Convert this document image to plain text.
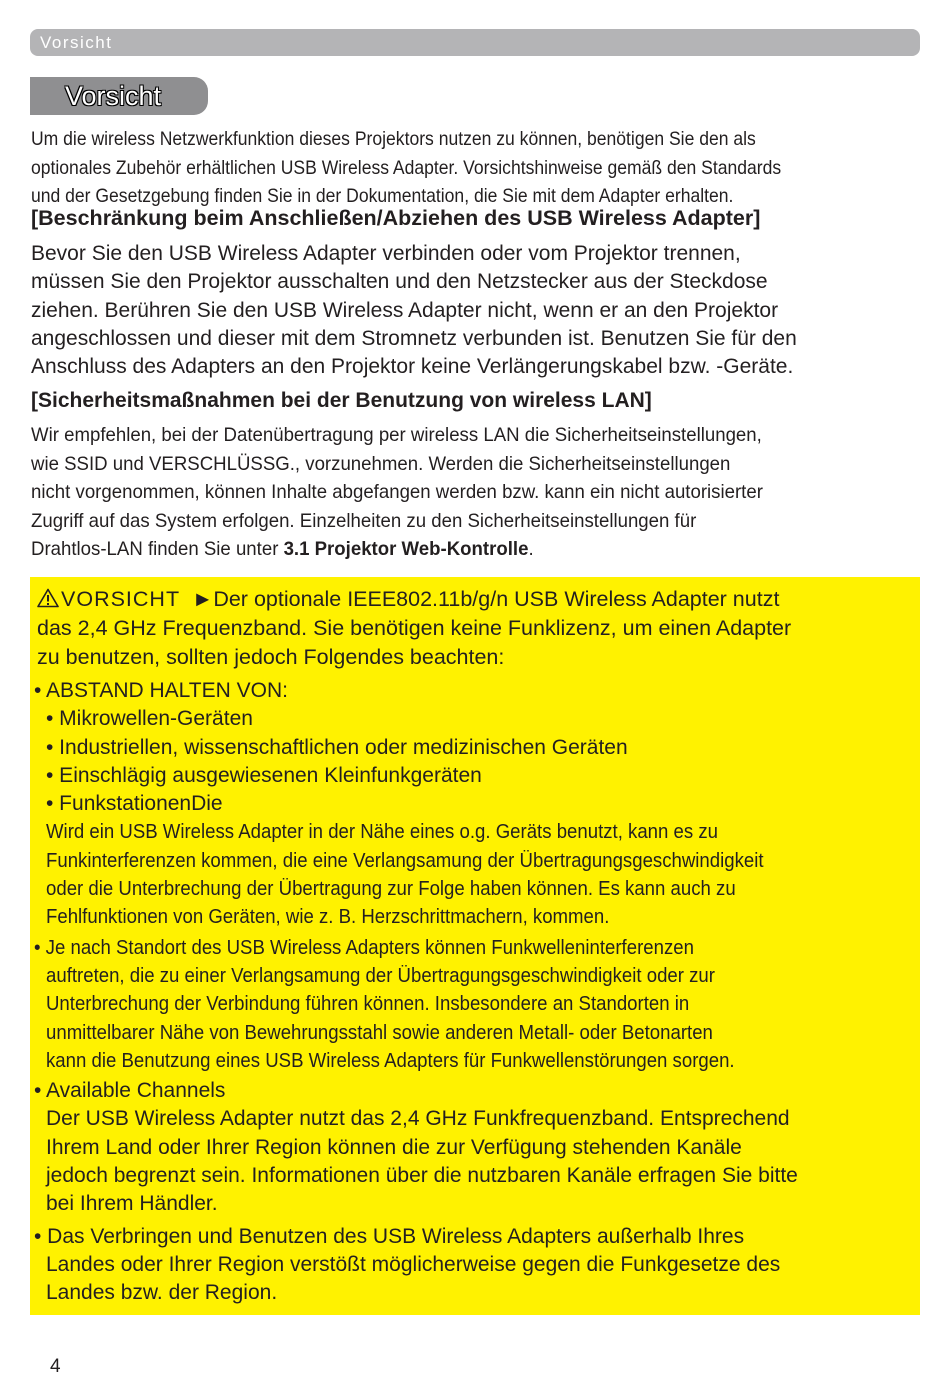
Vorsicht
Vorsicht

Um die wireless Netzwerkfunktion dieses Projektors nutzen zu können, benötigen Sie den als
optionales Zubehör erhältlichen USB Wireless Adapter. Vorsichtshinweise gemäß den Standards
und der Gesetzgebung finden Sie in der Dokumentation, die Sie mit dem Adapter erhalten.

[Beschränkung beim Anschließen/Abziehen des USB Wireless Adapter]

Bevor Sie den USB Wireless Adapter verbinden oder vom Projektor trennen,
müssen Sie den Projektor ausschalten und den Netzstecker aus der Steckdose
ziehen. Berühren Sie den USB Wireless Adapter nicht, wenn er an den Projektor
angeschlossen und dieser mit dem Stromnetz verbunden ist. Benutzen Sie für den
Anschluss des Adapters an den Projektor keine Verlängerungskabel bzw. -Geräte.

[Sicherheitsmaßnahmen bei der Benutzung von wireless LAN]

Wir empfehlen, bei der Datenübertragung per wireless LAN die Sicherheitseinstellungen,
wie SSID und VERSCHLÜSSG., vorzunehmen. Werden die Sicherheitseinstellungen
nicht vorgenommen, können Inhalte abgefangen werden bzw. kann ein nicht autorisierter
Zugriff auf das System erfolgen. Einzelheiten zu den Sicherheitseinstellungen für
Drahtlos-LAN finden Sie unter 3.1 Projektor Web-Kontrolle.

VORSICHT ►Der optionale IEEE802.11b/g/n USB Wireless Adapter nutzt
das 2,4 GHz Frequenzband. Sie benötigen keine Funklizenz, um einen Adapter
zu benutzen, sollten jedoch Folgendes beachten:

• ABSTAND HALTEN VON:
• Mikrowellen-Geräten
• Industriellen, wissenschaftlichen oder medizinischen Geräten
• Einschlägig ausgewiesenen Kleinfunkgeräten
• FunkstationenDie
Wird ein USB Wireless Adapter in der Nähe eines o.g. Geräts benutzt, kann es zu
Funkinterferenzen kommen, die eine Verlangsamung der Übertragungsgeschwindigkeit
oder die Unterbrechung der Übertragung zur Folge haben können. Es kann auch zu
Fehlfunktionen von Geräten, wie z. B. Herzschrittmachern, kommen.
• Je nach Standort des USB Wireless Adapters können Funkwelleninterferenzen
auftreten, die zu einer Verlangsamung der Übertragungsgeschwindigkeit oder zur
Unterbrechung der Verbindung führen können. Insbesondere an Standorten in
unmittelbarer Nähe von Bewehrungsstahl sowie anderen Metall- oder Betonarten
kann die Benutzung eines USB Wireless Adapters für Funkwellenstörungen sorgen.
• Available Channels
Der USB Wireless Adapter nutzt das 2,4 GHz Funkfrequenzband. Entsprechend
Ihrem Land oder Ihrer Region können die zur Verfügung stehenden Kanäle
jedoch begrenzt sein. Informationen über die nutzbaren Kanäle erfragen Sie bitte
bei Ihrem Händler.
• Das Verbringen und Benutzen des USB Wireless Adapters außerhalb Ihres
Landes oder Ihrer Region verstößt möglicherweise gegen die Funkgesetze des
Landes bzw. der Region.
4
